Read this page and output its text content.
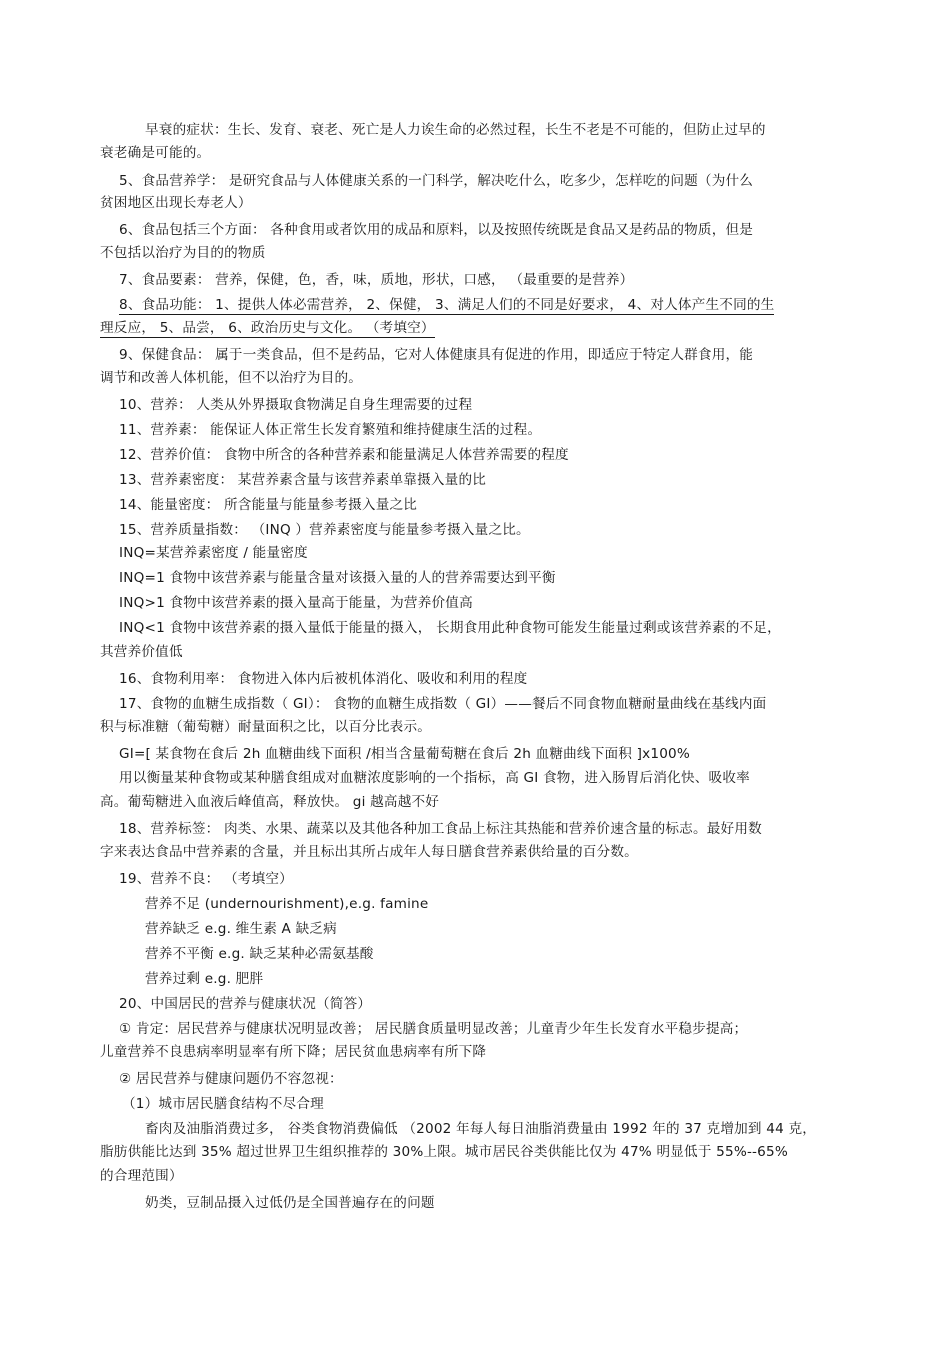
早衰的症状：生长、发育、衰老、死亡是人力诶生命的必然过程，长生不老是不可能的，但防止过早的
衰老确是可能的。
5、食品营养学： 是研究食品与人体健康关系的一门科学，解决吃什么，吃多少，怎样吃的问题（为什么
贫困地区出现长寿老人）
6、食品包括三个方面： 各种食用或者饮用的成品和原料，以及按照传统既是食品又是药品的物质，但是
不包括以治疗为目的的物质
7、食品要素： 营养，保健，色，香，味，质地，形状，口感， （最重要的是营养）
8、食品功能： 1、提供人体必需营养， 2、保健， 3、满足人们的不同是好要求， 4、对人体产生不同的生
理反应， 5、品尝， 6、政治历史与文化。 （考填空）
9、保健食品： 属于一类食品，但不是药品，它对人体健康具有促进的作用，即适应于特定人群食用，能
调节和改善人体机能，但不以治疗为目的。
10、营养： 人类从外界摄取食物满足自身生理需要的过程
11、营养素： 能保证人体正常生长发育繁殖和维持健康生活的过程。
12、营养价值： 食物中所含的各种营养素和能量满足人体营养需要的程度
13、营养素密度： 某营养素含量与该营养素单靠摄入量的比
14、能量密度： 所含能量与能量参考摄入量之比
15、营养质量指数： （INQ ）营养素密度与能量参考摄入量之比。
INQ=某营养素密度 / 能量密度
INQ=1 食物中该营养素与能量含量对该摄入量的人的营养需要达到平衡
INQ>1 食物中该营养素的摄入量高于能量，为营养价值高
INQ<1 食物中该营养素的摄入量低于能量的摄入， 长期食用此种食物可能发生能量过剩或该营养素的不足，
其营养价值低
16、食物利用率： 食物进入体内后被机体消化、吸收和利用的程度
17、食物的血糖生成指数（ GI）： 食物的血糖生成指数（ GI）——餐后不同食物血糖耐量曲线在基线内面
积与标准糖（葡萄糖）耐量面积之比，以百分比表示。
GI=[ 某食物在食后 2h 血糖曲线下面积 /相当含量葡萄糖在食后 2h 血糖曲线下面积 ]x100%
用以衡量某种食物或某种膳食组成对血糖浓度影响的一个指标，高 GI 食物，进入肠胃后消化快、吸收率
高。葡萄糖进入血液后峰值高，释放快。 gi 越高越不好
18、营养标签： 肉类、水果、蔬菜以及其他各种加工食品上标注其热能和营养价速含量的标志。最好用数
字来表达食品中营养素的含量，并且标出其所占成年人每日膳食营养素供给量的百分数。
19、营养不良： （考填空）
营养不足 (undernourishment),e.g. famine
营养缺乏 e.g. 维生素 A 缺乏病
营养不平衡 e.g. 缺乏某种必需氨基酸
营养过剩 e.g. 肥胖
20、中国居民的营养与健康状况（简答）
① 肯定：居民营养与健康状况明显改善； 居民膳食质量明显改善；儿童青少年生长发育水平稳步提高；
儿童营养不良患病率明显率有所下降；居民贫血患病率有所下降
② 居民营养与健康问题仍不容忽视：
（1）城市居民膳食结构不尽合理
畜肉及油脂消费过多， 谷类食物消费偏低 （2002 年每人每日油脂消费量由 1992 年的 37 克增加到 44 克，
脂肪供能比达到 35% 超过世界卫生组织推荐的 30%上限。城市居民谷类供能比仅为 47% 明显低于 55%--65%
的合理范围）
奶类，豆制品摄入过低仍是全国普遍存在的问题
